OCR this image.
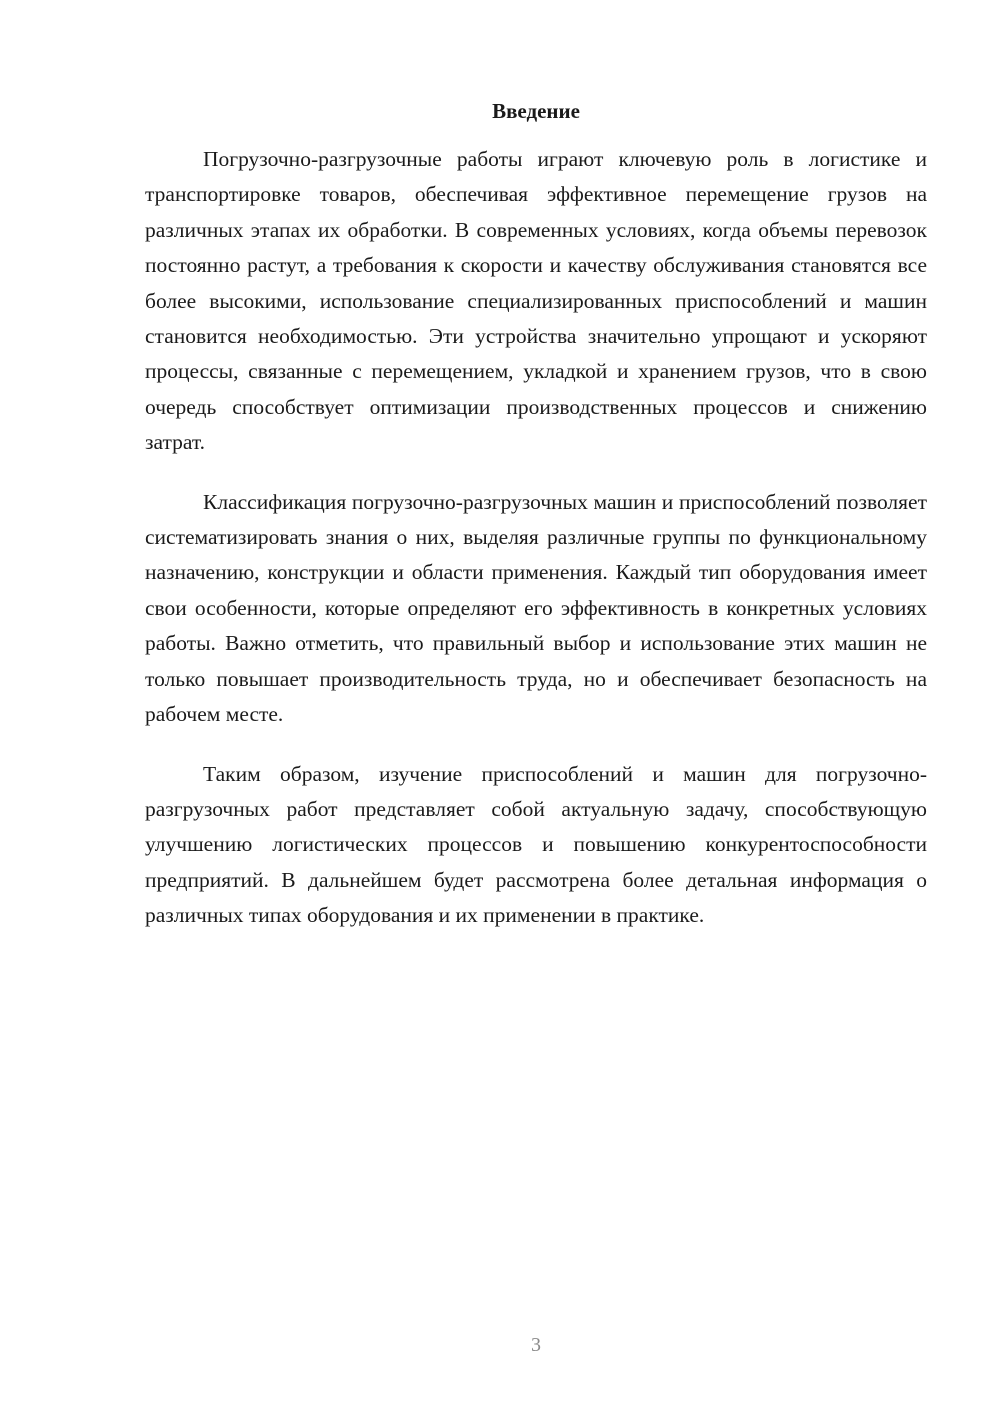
Введение

Погрузочно-разгрузочные работы играют ключевую роль в логистике и транспортировке товаров, обеспечивая эффективное перемещение грузов на различных этапах их обработки. В современных условиях, когда объемы перевозок постоянно растут, а требования к скорости и качеству обслуживания становятся все более высокими, использование специализированных приспособлений и машин становится необходимостью. Эти устройства значительно упрощают и ускоряют процессы, связанные с перемещением, укладкой и хранением грузов, что в свою очередь способствует оптимизации производственных процессов и снижению затрат.

Классификация погрузочно-разгрузочных машин и приспособлений позволяет систематизировать знания о них, выделяя различные группы по функциональному назначению, конструкции и области применения. Каждый тип оборудования имеет свои особенности, которые определяют его эффективность в конкретных условиях работы. Важно отметить, что правильный выбор и использование этих машин не только повышает производительность труда, но и обеспечивает безопасность на рабочем месте.

Таким образом, изучение приспособлений и машин для погрузочно-разгрузочных работ представляет собой актуальную задачу, способствующую улучшению логистических процессов и повышению конкурентоспособности предприятий. В дальнейшем будет рассмотрена более детальная информация о различных типах оборудования и их применении в практике.

3
